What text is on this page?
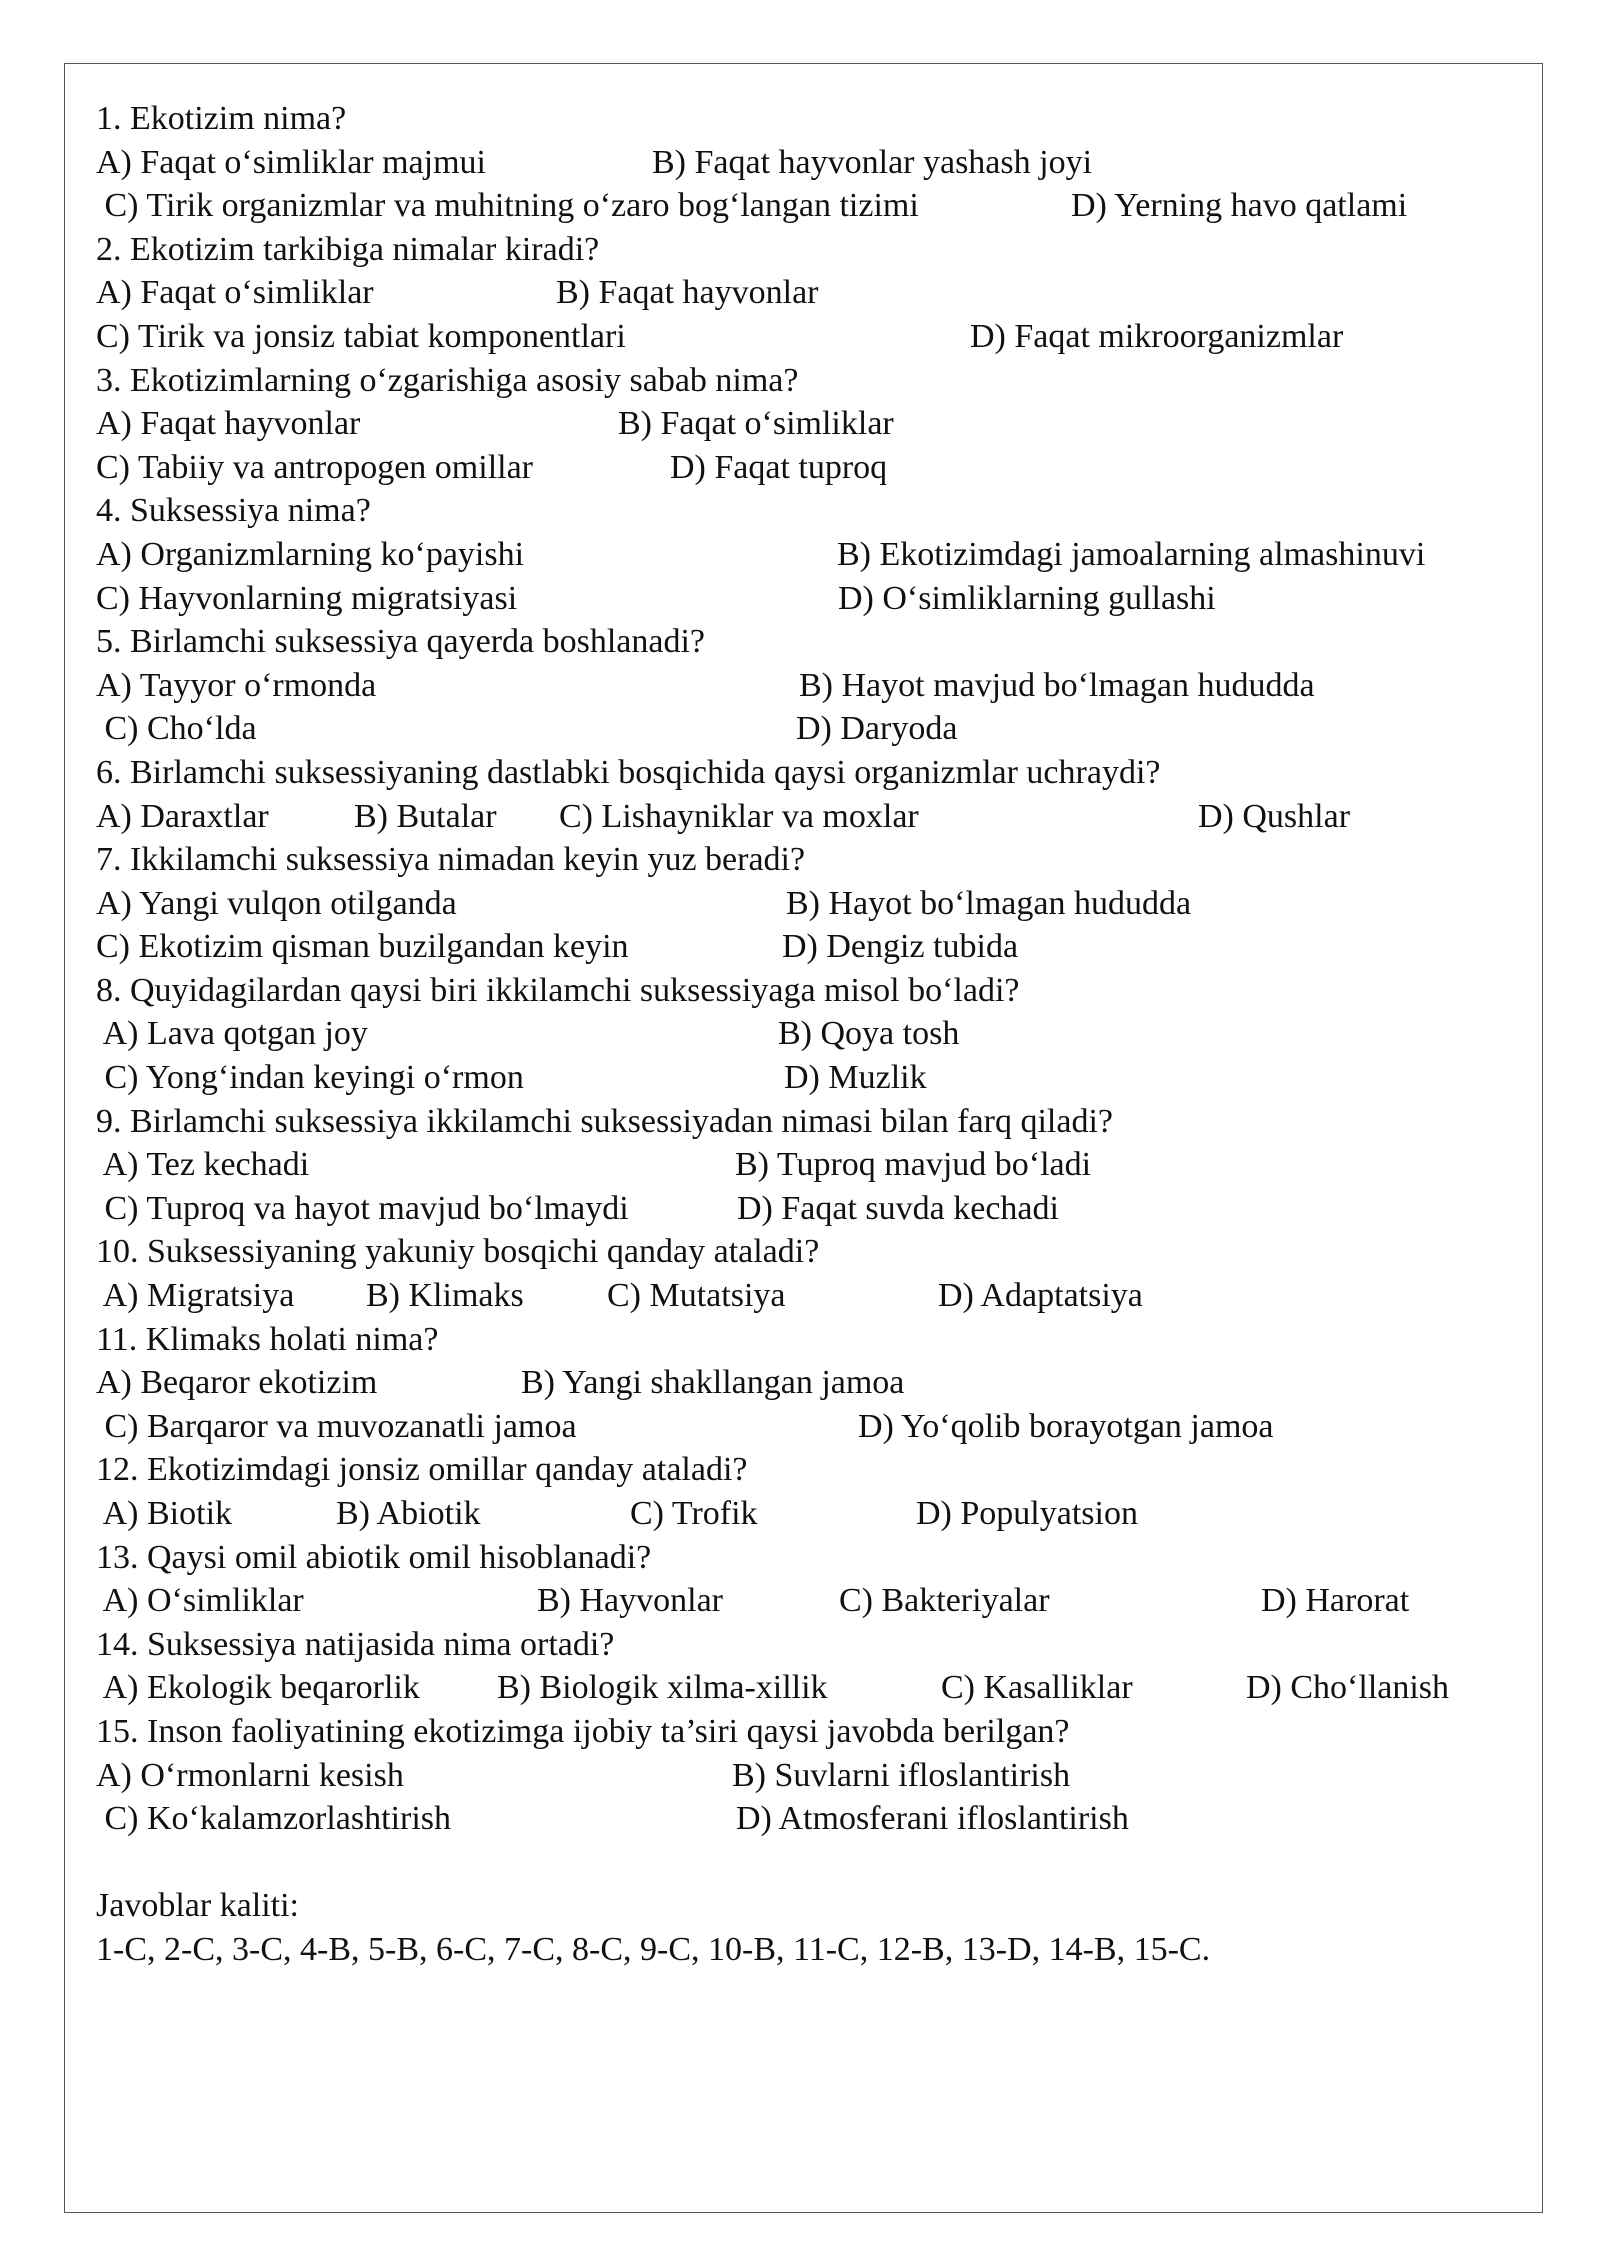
1. Ekotizim nima?

A) Faqat o‘simliklar majmui

	B) Faqat hayvonlar yashash joyi

C) Tirik organizmlar va muhitning o‘zaro bog‘langan tizimi

	D) Yerning havo qatlami

2. Ekotizim tarkibiga nimalar kiradi?

A) Faqat o‘simliklar

	B) Faqat hayvonlar

C) Tirik va jonsiz tabiat komponentlari

	D) Faqat mikroorganizmlar

3. Ekotizimlarning o‘zgarishiga asosiy sabab nima?

A) Faqat hayvonlar

	B) Faqat o‘simliklar

C) Tabiiy va antropogen omillar

	D) Faqat tuproq

4. Suksessiya nima?

A) Organizmlarning ko‘payishi

	B) Ekotizimdagi jamoalarning almashinuvi

C) Hayvonlarning migratsiyasi

	D) O‘simliklarning gullashi

5. Birlamchi suksessiya qayerda boshlanadi?

A) Tayyor o‘rmonda

	B) Hayot mavjud bo‘lmagan hududda

C) Cho‘lda

	D) Daryoda

6. Birlamchi suksessiyaning dastlabki bosqichida qaysi organizmlar uchraydi?

A) Daraxtlar

	B) Butalar

C) Lishayniklar va moxlar

	D) Qushlar

7. Ikkilamchi suksessiya nimadan keyin yuz beradi?

A) Yangi vulqon otilganda

	B) Hayot bo‘lmagan hududda

C) Ekotizim qisman buzilgandan keyin

	D) Dengiz tubida

8. Quyidagilardan qaysi biri ikkilamchi suksessiyaga misol bo‘ladi?

A) Lava qotgan joy

	B) Qoya tosh

C) Yong‘indan keyingi o‘rmon

	D) Muzlik

9. Birlamchi suksessiya ikkilamchi suksessiyadan nimasi bilan farq qiladi?

A) Tez kechadi

	B) Tuproq mavjud bo‘ladi

C) Tuproq va hayot mavjud bo‘lmaydi

	D) Faqat suvda kechadi

10. Suksessiyaning yakuniy bosqichi qanday ataladi?

A) Migratsiya

B) Klimaks

C) Mutatsiya

	D) Adaptatsiya

11. Klimaks holati nima?

A) Beqaror ekotizim

	B) Yangi shakllangan jamoa

C) Barqaror va muvozanatli jamoa

	D) Yo‘qolib borayotgan jamoa

12. Ekotizimdagi jonsiz omillar qanday ataladi?

A) Biotik

	B) Abiotik

	C) Trofik

	D) Populyatsion

13. Qaysi omil abiotik omil hisoblanadi?

A) O‘simliklar

	B) Hayvonlar

	C) Bakteriyalar

	D) Harorat

14. Suksessiya natijasida nima ortadi?

A) Ekologik beqarorlik

B) Biologik xilma-xillik

	C) Kasalliklar

	D) Cho‘llanish

15. Inson faoliyatining ekotizimga ijobiy ta’siri qaysi javobda berilgan?

A) O‘rmonlarni kesish

	B) Suvlarni ifloslantirish

C) Ko‘kalamzorlashtirish

	D) Atmosferani ifloslantirish

Javoblar kaliti:
1-C, 2-C, 3-C, 4-B, 5-B, 6-C, 7-C, 8-C, 9-C, 10-B, 11-C, 12-B, 13-D, 14-B, 15-C.
